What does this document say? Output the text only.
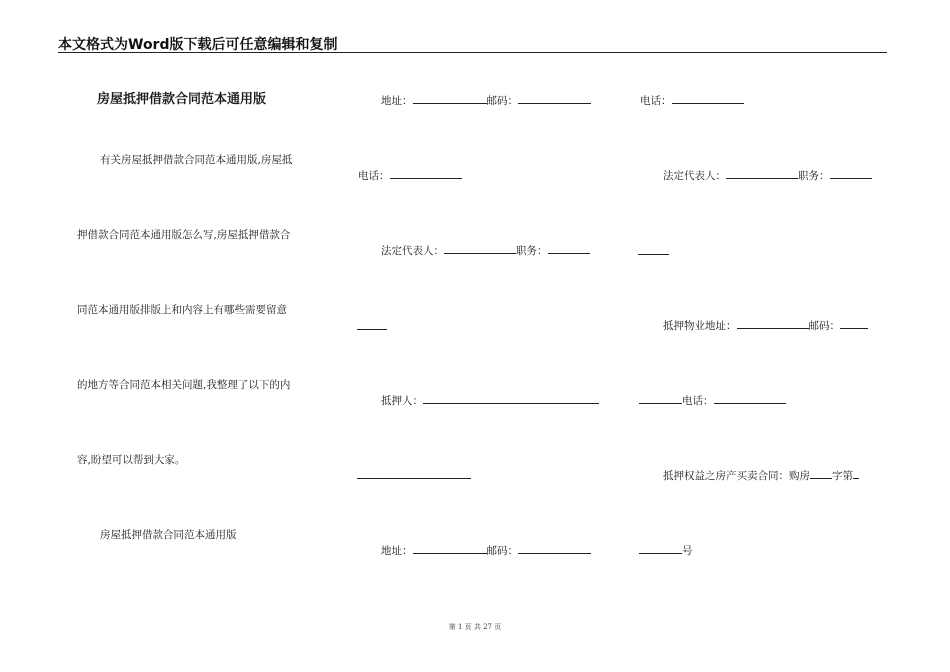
本文格式为Word版下载后可任意编辑和复制
房屋抵押借款合同范本通用版
有关房屋抵押借款合同范本通用版,房屋抵
押借款合同范本通用版怎么写,房屋抵押借款合
同范本通用版排版上和内容上有哪些需要留意
的地方等合同范本相关问题,我整理了以下的内
容,盼望可以帮到大家。
房屋抵押借款合同范本通用版
地址：	邮码：
电话：
法定代表人：	职务：
抵押人：
地址：	邮码：
电话：
法定代表人：	职务：
抵押物业地址：	邮码：
电话：
抵押权益之房产买卖合同：购房 字第
号
第 1 页 共 27 页
